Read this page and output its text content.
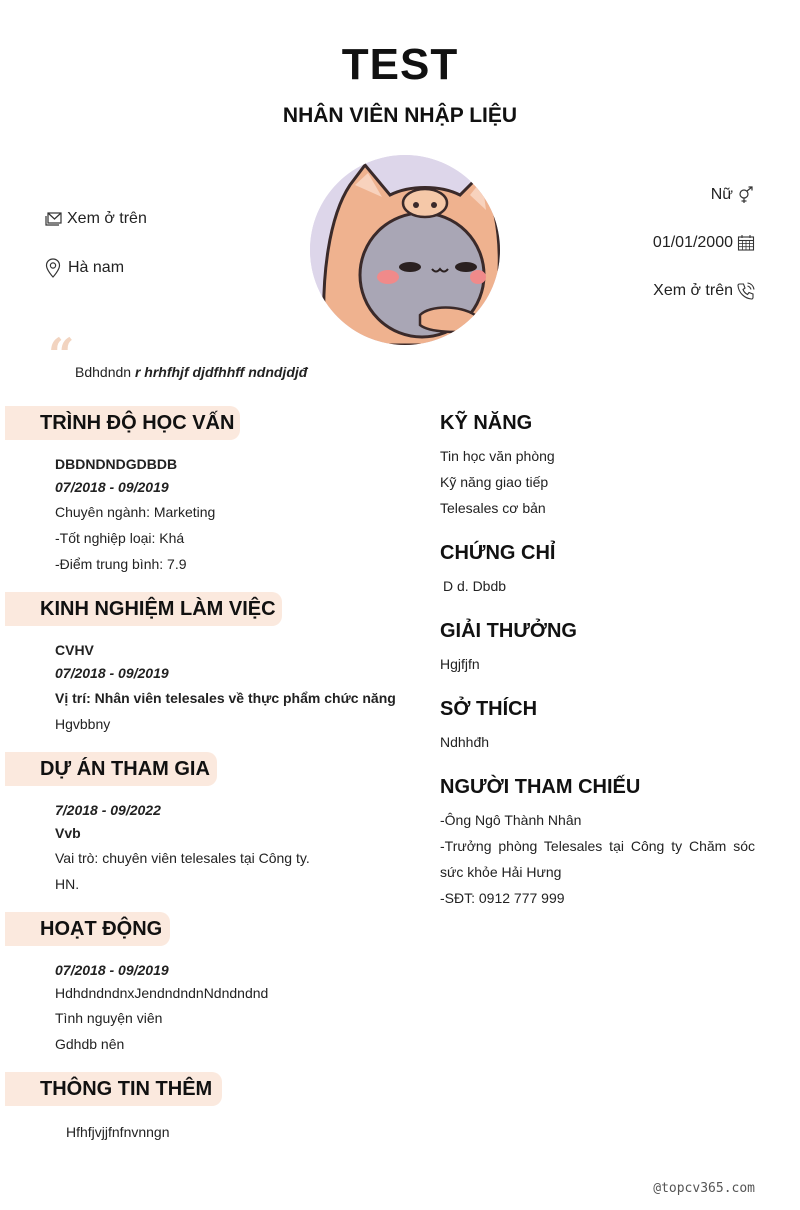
TEST
NHÂN VIÊN NHẬP LIỆU
Xem ở trên
Hà nam
Nữ
01/01/2000
Xem ở trên
“ Bdhdndn r hrhfhjf djdfhhff ndndjdjđ
TRÌNH ĐỘ HỌC VẤN
DBDNDNDGDBDB
07/2018 - 09/2019
Chuyên ngành: Marketing
-Tốt nghiệp loại: Khá
-Điểm trung bình: 7.9
KINH NGHIỆM LÀM VIỆC
CVHV
07/2018 - 09/2019
Vị trí: Nhân viên telesales về thực phẩm chức năng
Hgvbbny
DỰ ÁN THAM GIA
7/2018 - 09/2022
Vvb
Vai trò: chuyên viên telesales tại Công ty.
HN.
HOẠT ĐỘNG
07/2018 - 09/2019
HdhdndndnxJendndndnNdndndnd
Tình nguyện viên
Gdhdb nên
THÔNG TIN THÊM
Hfhfjvjjfnfnvnngn
KỸ NĂNG
Tin học văn phòng
Kỹ năng giao tiếp
Telesales cơ bản
CHỨNG CHỈ
D d. Dbdb
GIẢI THƯỞNG
Hgjfjfn
SỞ THÍCH
Ndhhđh
NGƯỜI THAM CHIẾU
-Ông Ngô Thành Nhân
-Trưởng phòng Telesales tại Công ty Chăm sóc sức khỏe Hải Hưng
-SĐT: 0912 777 999
@topcv365.com
